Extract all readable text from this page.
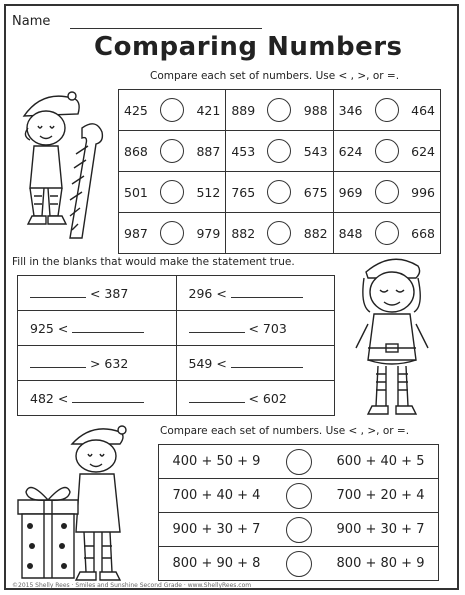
Name
Comparing Numbers
Compare each set of numbers. Use < , >, or =.
425 421	889 988	346 464

868 887	453 543	624 624

501 512	765 675	969 996

987 979	882 882	848 668
Fill in the blanks that would make the statement true.
< 387	296 <
925 <	< 703
> 632	549 <
482 <	< 602
Compare each set of numbers. Use < , >, or =.
400 + 50 + 9	600 + 40 + 5

700 + 40 + 4	700 + 20 + 4

900 + 30 + 7	900 + 30 + 7

800 + 90 + 8	800 + 80 + 9
©2015 Shelly Rees · Smiles and Sunshine Second Grade · www.ShellyRees.com
